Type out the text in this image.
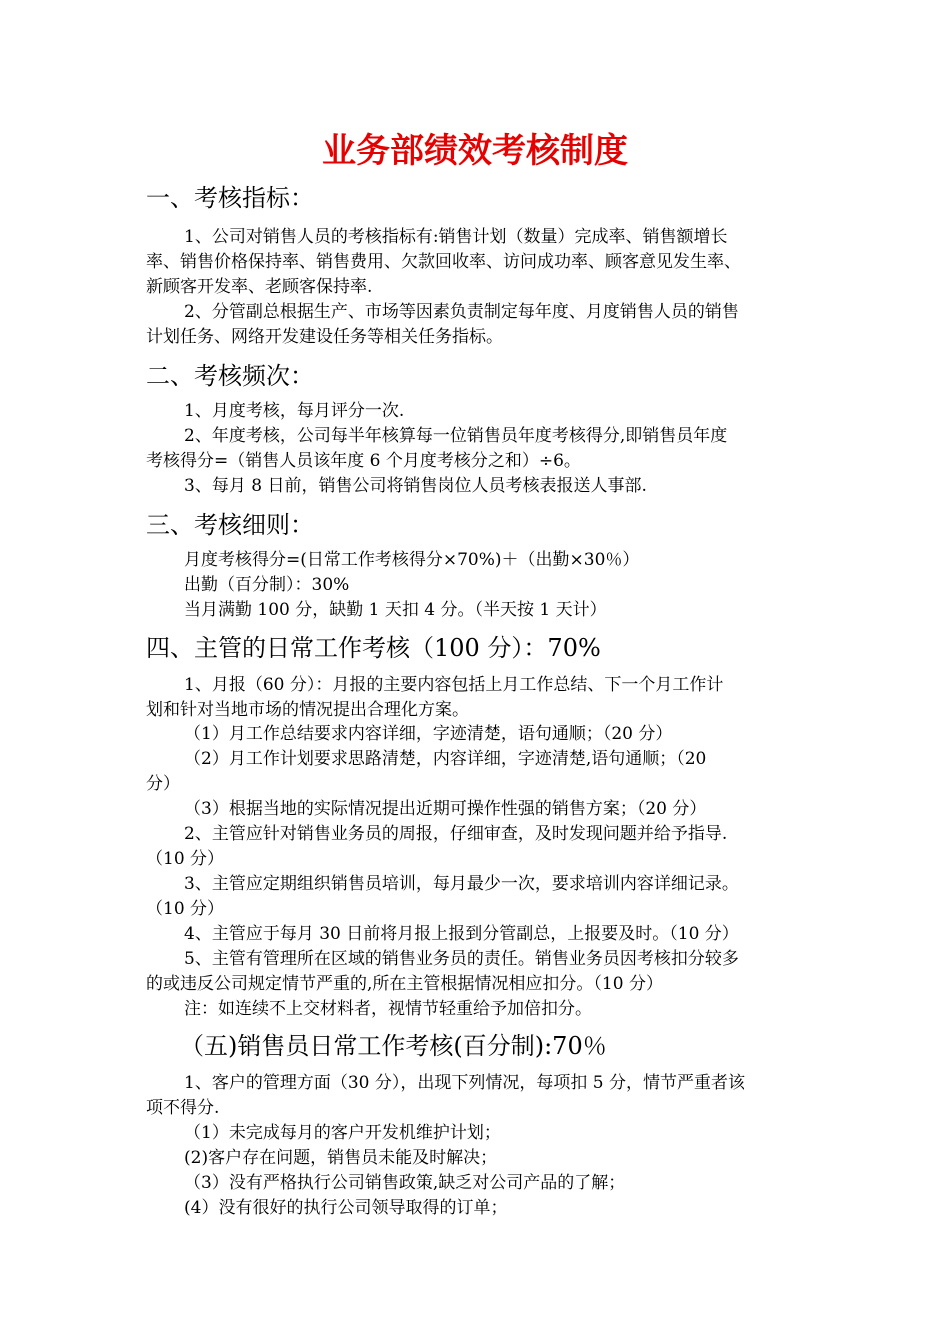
业务部绩效考核制度
一、考核指标：
1、公司对销售人员的考核指标有:销售计划（数量）完成率、销售额增长
率、销售价格保持率、销售费用、欠款回收率、访问成功率、顾客意见发生率、
新顾客开发率、老顾客保持率.
2、分管副总根据生产、市场等因素负责制定每年度、月度销售人员的销售
计划任务、网络开发建设任务等相关任务指标。
二、考核频次：
1、月度考核，每月评分一次.
2、年度考核，公司每半年核算每一位销售员年度考核得分,即销售员年度
考核得分=（销售人员该年度 6 个月度考核分之和）÷6。
3、每月 8 日前，销售公司将销售岗位人员考核表报送人事部.
三、考核细则：
月度考核得分=(日常工作考核得分×70%)＋（出勤×30％）
出勤（百分制）：30%
当月满勤 100 分，缺勤 1 天扣 4 分。（半天按 1 天计）
四、主管的日常工作考核（100 分）：70%
1、月报（60 分）：月报的主要内容包括上月工作总结、下一个月工作计
划和针对当地市场的情况提出合理化方案。
（1）月工作总结要求内容详细，字迹清楚，语句通顺；（20 分）
（2）月工作计划要求思路清楚，内容详细，字迹清楚,语句通顺；（20
分）
（3）根据当地的实际情况提出近期可操作性强的销售方案；（20 分）
2、主管应针对销售业务员的周报，仔细审查，及时发现问题并给予指导.
（10 分）
3、主管应定期组织销售员培训，每月最少一次，要求培训内容详细记录。
（10 分）
4、主管应于每月 30 日前将月报上报到分管副总，上报要及时。（10 分）
5、主管有管理所在区域的销售业务员的责任。销售业务员因考核扣分较多
的或违反公司规定情节严重的,所在主管根据情况相应扣分。（10 分）
注：如连续不上交材料者，视情节轻重给予加倍扣分。
（五)销售员日常工作考核(百分制):70％
1、客户的管理方面（30 分），出现下列情况，每项扣 5 分，情节严重者该
项不得分.
（1）未完成每月的客户开发机维护计划；
(2)客户存在问题，销售员未能及时解决；
（3）没有严格执行公司销售政策,缺乏对公司产品的了解；
(4）没有很好的执行公司领导取得的订单；
